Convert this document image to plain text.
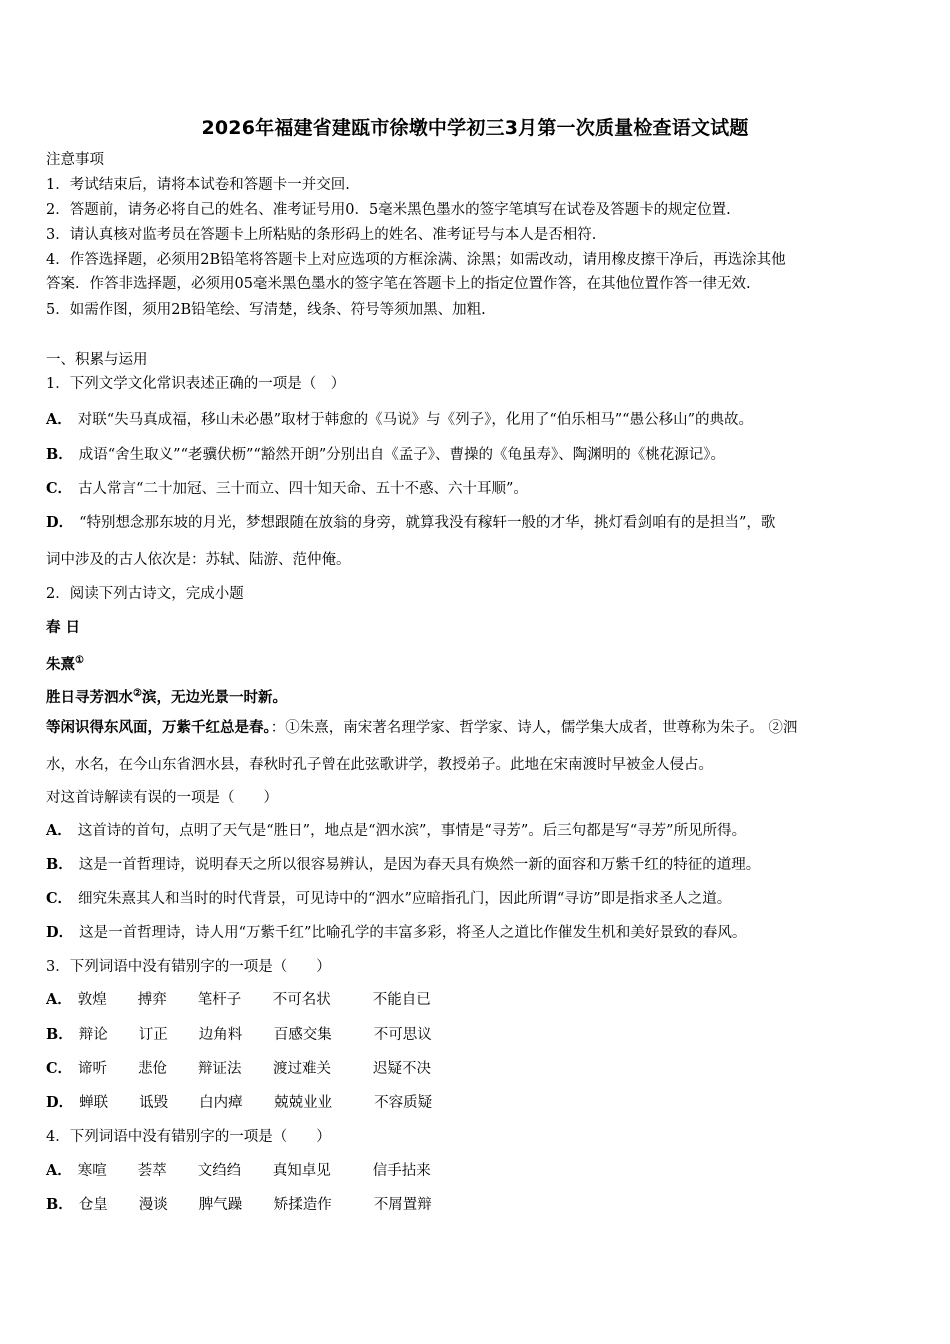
2026年福建省建瓯市徐墩中学初三3月第一次质量检查语文试题
注意事项
1．考试结束后，请将本试卷和答题卡一并交回.
2．答题前，请务必将自己的姓名、准考证号用0．5毫米黑色墨水的签字笔填写在试卷及答题卡的规定位置.
3．请认真核对监考员在答题卡上所粘贴的条形码上的姓名、准考证号与本人是否相符.
4．作答选择题，必须用2B铅笔将答题卡上对应选项的方框涂满、涂黑；如需改动，请用橡皮擦干净后，再选涂其他
答案．作答非选择题，必须用05毫米黑色墨水的签字笔在答题卡上的指定位置作答，在其他位置作答一律无效.
5．如需作图，须用2B铅笔绘、写清楚，线条、符号等须加黑、加粗.
一、积累与运用
1．下列文学文化常识表述正确的一项是（　）
A． 对联“失马真成福，移山未必愚”取材于韩愈的《马说》与《列子》，化用了“伯乐相马”“愚公移山”的典故。
B． 成语“舍生取义”“老骥伏枥”“豁然开朗”分别出自《孟子》、曹操的《龟虽寿》、陶渊明的《桃花源记》。
C． 古人常言“二十加冠、三十而立、四十知天命、五十不惑、六十耳顺”。
D． “特别想念那东坡的月光，梦想跟随在放翁的身旁，就算我没有稼轩一般的才华，挑灯看剑咱有的是担当”，歌
词中涉及的古人依次是：苏轼、陆游、范仲俺。
2．阅读下列古诗文，完成小题
春 日
朱熹①
胜日寻芳泗水②滨，无边光景一时新。
等闲识得东风面，万紫千红总是春。：①朱熹，南宋著名理学家、哲学家、诗人，儒学集大成者，世尊称为朱子。 ②泗
水，水名，在今山东省泗水县，春秋时孔子曾在此弦歌讲学，教授弟子。此地在宋南渡时早被金人侵占。
对这首诗解读有误的一项是（　　）
A． 这首诗的首句，点明了天气是“胜日”，地点是“泗水滨”，事情是“寻芳”。后三句都是写“寻芳”所见所得。
B． 这是一首哲理诗，说明春天之所以很容易辨认，是因为春天具有焕然一新的面容和万紫千红的特征的道理。
C． 细究朱熹其人和当时的时代背景，可见诗中的“泗水”应暗指孔门，因此所谓“寻访”即是指求圣人之道。
D． 这是一首哲理诗，诗人用“万紫千红”比喻孔学的丰富多彩，将圣人之道比作催发生机和美好景致的春风。
3．下列词语中没有错别字的一项是（　　）
A． 敦煌 搏弈 笔杆子 不可名状	不能自已
B． 辩论 订正 边角料 百感交集	不可思议
C． 谛听 悲伧 辩证法 渡过难关	迟疑不决
D． 蝉联 诋毁 白内瘴 兢兢业业	不容质疑
4．下列词语中没有错别字的一项是（　　）
A． 寒喧 荟萃 文绉绉 真知卓见	信手拈来
B． 仓皇 漫谈 脾气躁 矫揉造作	不屑置辩
